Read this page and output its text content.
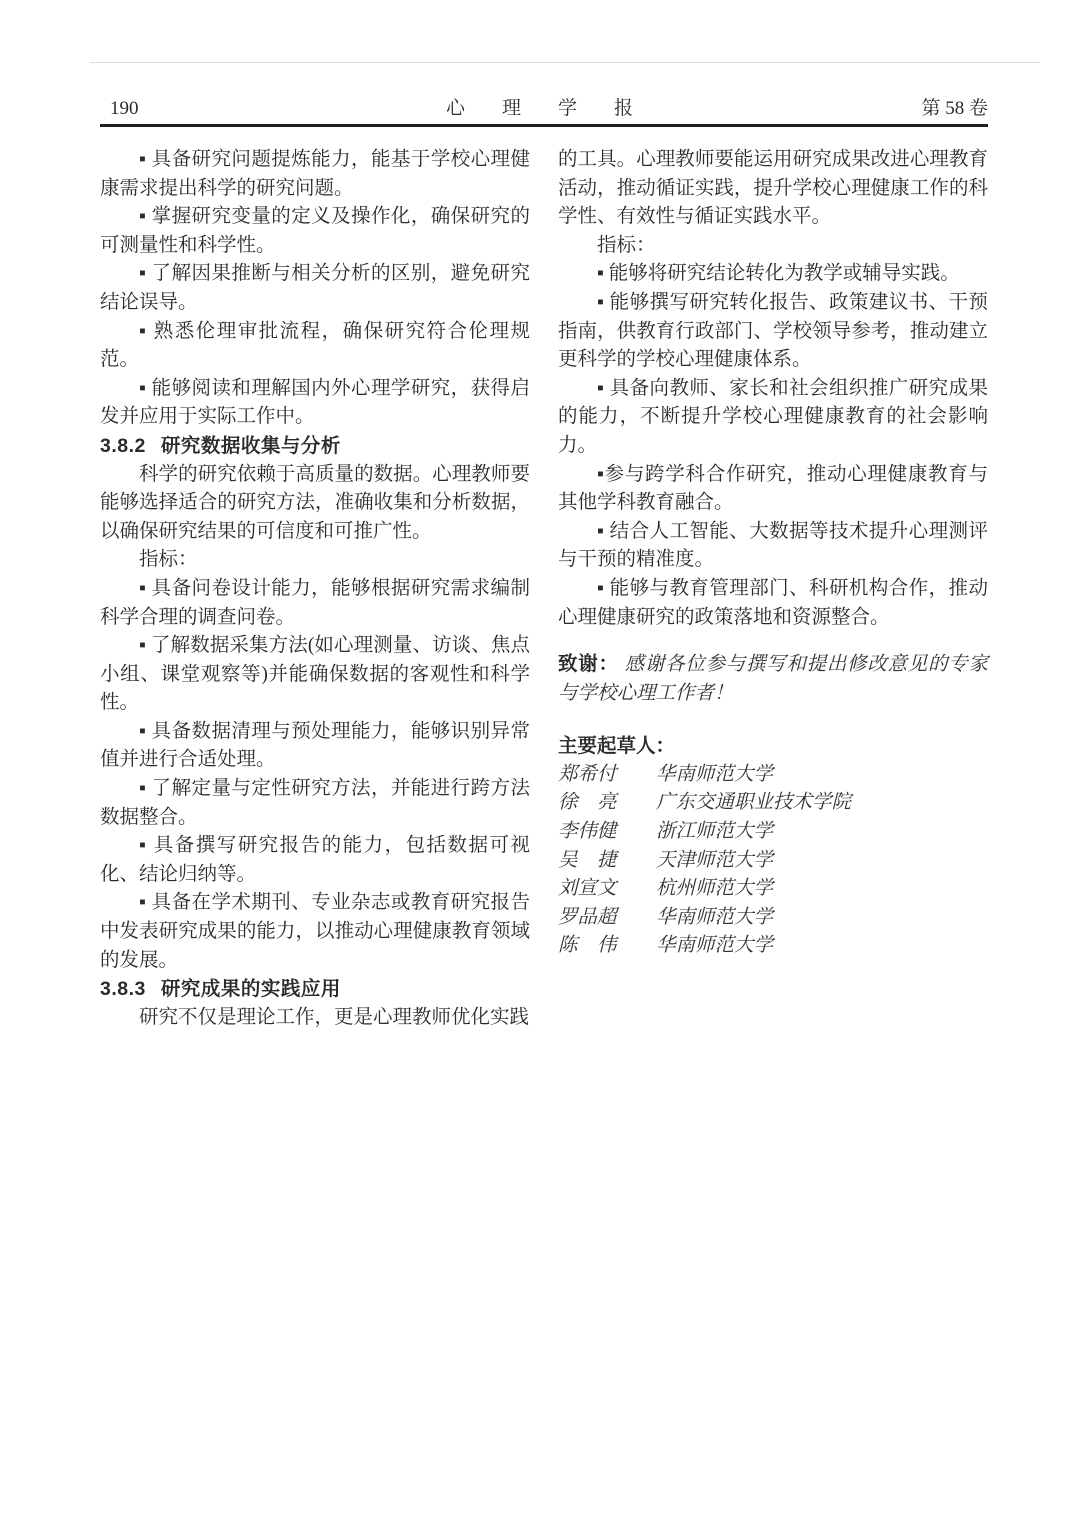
190	心　理　学　报	第 58 卷

▪ 具备研究问题提炼能力，能基于学校心理健康需求提出科学的研究问题。

▪ 掌握研究变量的定义及操作化，确保研究的可测量性和科学性。

▪ 了解因果推断与相关分析的区别，避免研究结论误导。

▪ 熟悉伦理审批流程，确保研究符合伦理规范。

▪ 能够阅读和理解国内外心理学研究，获得启发并应用于实际工作中。

3.8.2 研究数据收集与分析

科学的研究依赖于高质量的数据。心理教师要能够选择适合的研究方法，准确收集和分析数据，以确保研究结果的可信度和可推广性。

指标：

▪ 具备问卷设计能力，能够根据研究需求编制科学合理的调查问卷。

▪ 了解数据采集方法(如心理测量、访谈、焦点小组、课堂观察等)并能确保数据的客观性和科学性。

▪ 具备数据清理与预处理能力，能够识别异常值并进行合适处理。

▪ 了解定量与定性研究方法，并能进行跨方法数据整合。

▪ 具备撰写研究报告的能力，包括数据可视化、结论归纳等。

▪ 具备在学术期刊、专业杂志或教育研究报告中发表研究成果的能力，以推动心理健康教育领域的发展。

3.8.3 研究成果的实践应用

研究不仅是理论工作，更是心理教师优化实践

的工具。心理教师要能运用研究成果改进心理教育活动，推动循证实践，提升学校心理健康工作的科学性、有效性与循证实践水平。

指标：

▪ 能够将研究结论转化为教学或辅导实践。

▪ 能够撰写研究转化报告、政策建议书、干预指南，供教育行政部门、学校领导参考，推动建立更科学的学校心理健康体系。

▪ 具备向教师、家长和社会组织推广研究成果的能力，不断提升学校心理健康教育的社会影响力。

▪参与跨学科合作研究，推动心理健康教育与其他学科教育融合。

▪ 结合人工智能、大数据等技术提升心理测评与干预的精准度。

▪ 能够与教育管理部门、科研机构合作，推动心理健康研究的政策落地和资源整合。

致谢： 感谢各位参与撰写和提出修改意见的专家与学校心理工作者！

主要起草人：

郑希付 华南师范大学

徐　亮 广东交通职业技术学院

李伟健 浙江师范大学

吴　捷 天津师范大学

刘宣文 杭州师范大学

罗品超 华南师范大学

陈　伟 华南师范大学
